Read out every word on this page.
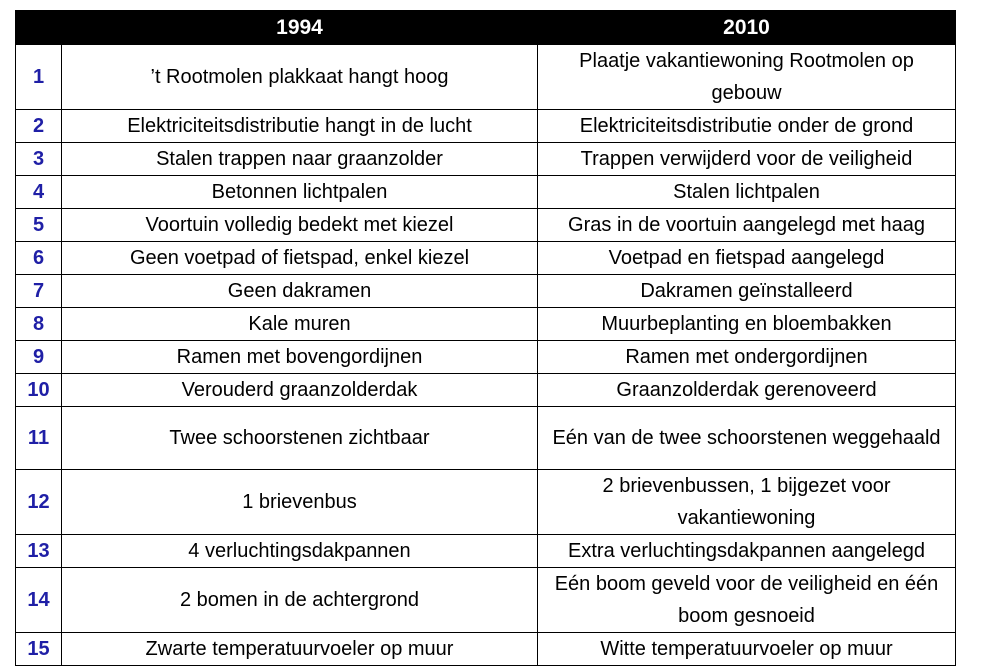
	1994	2010
1	’t Rootmolen plakkaat hangt hoog	Plaatje vakantiewoning Rootmolen op gebouw
2	Elektriciteitsdistributie hangt in de lucht	Elektriciteitsdistributie onder de grond
3	Stalen trappen naar graanzolder	Trappen verwijderd voor de veiligheid
4	Betonnen lichtpalen	Stalen lichtpalen
5	Voortuin volledig bedekt met kiezel	Gras in de voortuin aangelegd met haag
6	Geen voetpad of fietspad, enkel kiezel	Voetpad en fietspad aangelegd
7	Geen dakramen	Dakramen geïnstalleerd
8	Kale muren	Muurbeplanting en bloembakken
9	Ramen met bovengordijnen	Ramen met ondergordijnen
10	Verouderd graanzolderdak	Graanzolderdak gerenoveerd
11	Twee schoorstenen zichtbaar	Eén van de twee schoorstenen weggehaald
12	1 brievenbus	2 brievenbussen, 1 bijgezet voor vakantiewoning
13	4 verluchtingsdakpannen	Extra verluchtingsdakpannen aangelegd
14	2 bomen in de achtergrond	Eén boom geveld voor de veiligheid en één boom gesnoeid
15	Zwarte temperatuurvoeler op muur	Witte temperatuurvoeler op muur
